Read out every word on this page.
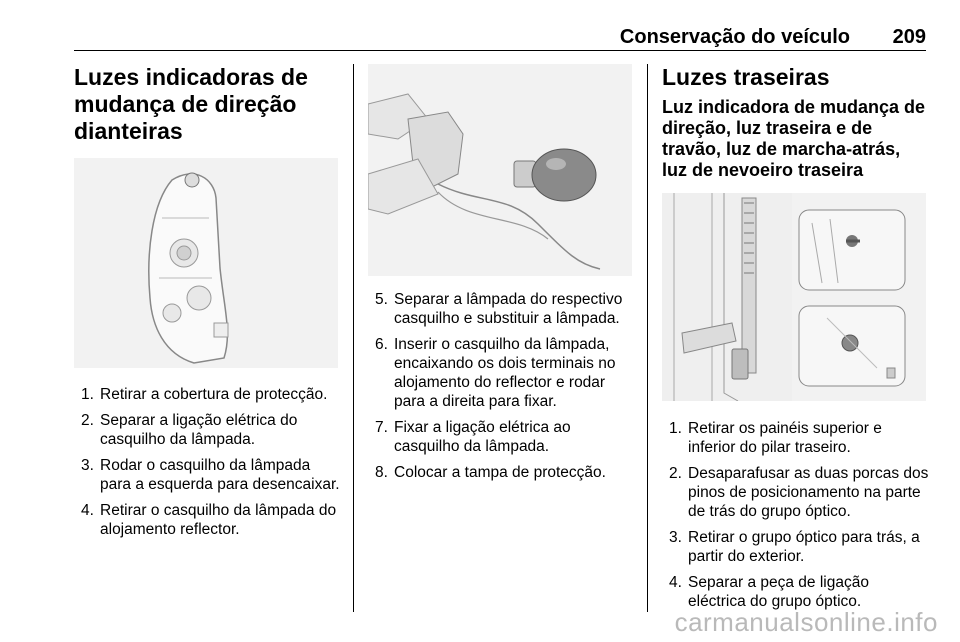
Conservação do veículo 209
Luzes indicadoras de mudança de direção dianteiras
1. Retirar a cobertura de protecção.
2. Separar a ligação elétrica do casquilho da lâmpada.
3. Rodar o casquilho da lâmpada para a esquerda para desencaixar.
4. Retirar o casquilho da lâmpada do alojamento reflector.
5. Separar a lâmpada do respectivo casquilho e substituir a lâmpada.
6. Inserir o casquilho da lâmpada, encaixando os dois terminais no alojamento do reflector e rodar para a direita para fixar.
7. Fixar a ligação elétrica ao casquilho da lâmpada.
8. Colocar a tampa de protecção.
Luzes traseiras
Luz indicadora de mudança de direção, luz traseira e de travão, luz de marcha-atrás, luz de nevoeiro traseira
1. Retirar os painéis superior e inferior do pilar traseiro.
2. Desaparafusar as duas porcas dos pinos de posicionamento na parte de trás do grupo óptico.
3. Retirar o grupo óptico para trás, a partir do exterior.
4. Separar a peça de ligação eléctrica do grupo óptico.
carmanualsonline.info
